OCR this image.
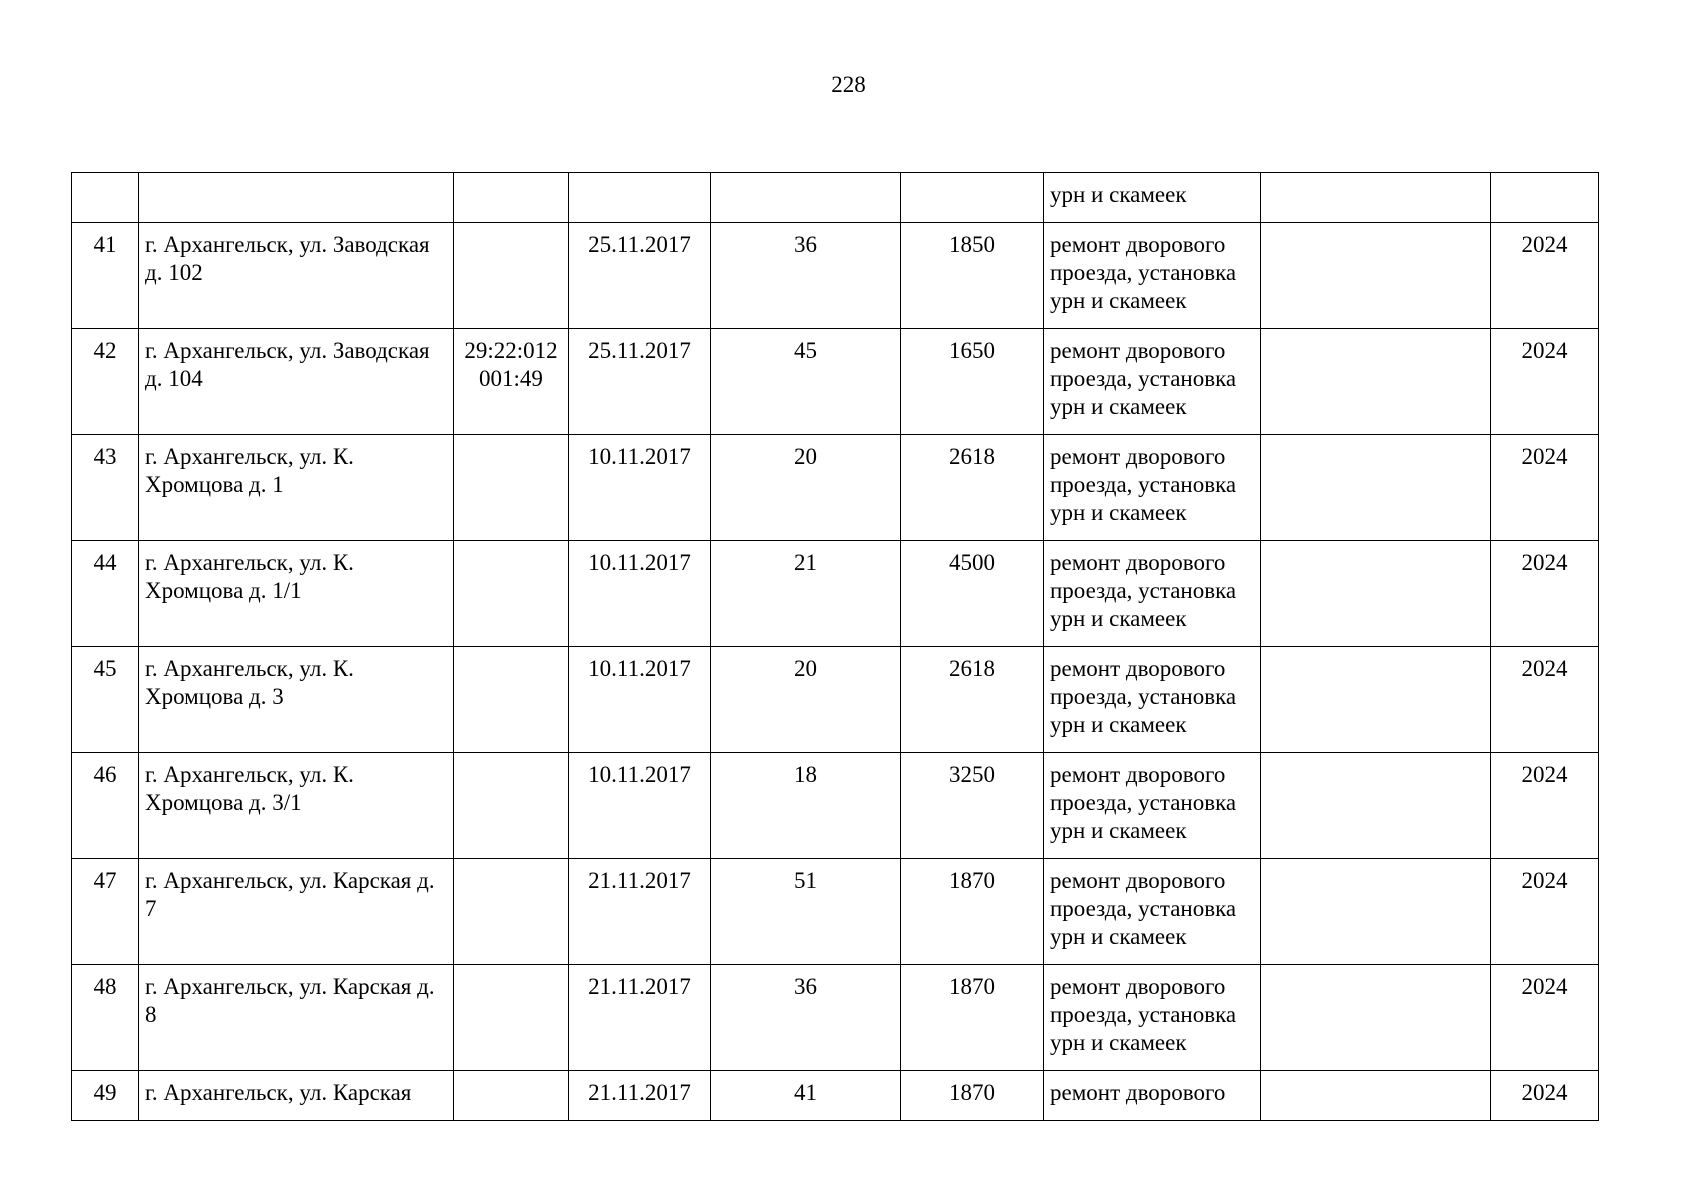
228
						урн и скамеек		
41	г. Архангельск, ул. Заводская д. 102		25.11.2017	36	1850	ремонт дворового проезда, установка урн и скамеек		2024
42	г. Архангельск, ул. Заводская д. 104	29:22:012 001:49	25.11.2017	45	1650	ремонт дворового проезда, установка урн и скамеек		2024
43	г. Архангельск, ул. К. Хромцова д. 1		10.11.2017	20	2618	ремонт дворового проезда, установка урн и скамеек		2024
44	г. Архангельск, ул. К. Хромцова д. 1/1		10.11.2017	21	4500	ремонт дворового проезда, установка урн и скамеек		2024
45	г. Архангельск, ул. К. Хромцова д. 3		10.11.2017	20	2618	ремонт дворового проезда, установка урн и скамеек		2024
46	г. Архангельск, ул. К. Хромцова д. 3/1		10.11.2017	18	3250	ремонт дворового проезда, установка урн и скамеек		2024
47	г. Архангельск, ул. Карская д. 7		21.11.2017	51	1870	ремонт дворового проезда, установка урн и скамеек		2024
48	г. Архангельск, ул. Карская д. 8		21.11.2017	36	1870	ремонт дворового проезда, установка урн и скамеек		2024
49	г. Архангельск, ул. Карская		21.11.2017	41	1870	ремонт дворового		2024
